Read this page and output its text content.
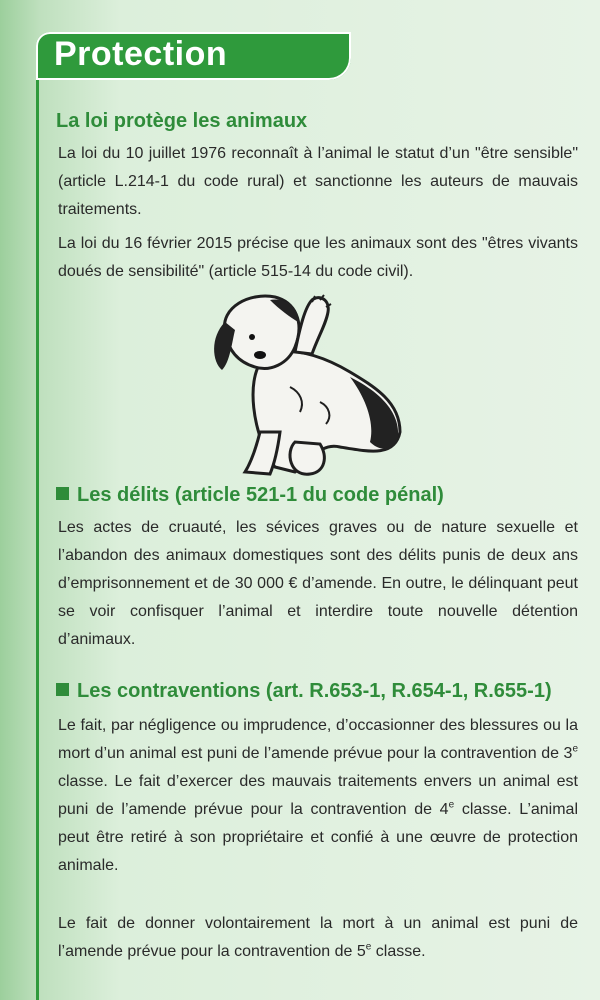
Protection
La loi protège les animaux

La loi du 10 juillet 1976 reconnaît à l’animal le statut d’un "être sensible" (article L.214-1 du code rural) et sanctionne les auteurs de mauvais traitements.

La loi du 16 février 2015 précise que les animaux sont des "êtres vivants doués de sensibilité" (article 515-14 du code civil).

Les délits (article 521-1 du code pénal)

Les actes de cruauté, les sévices graves ou de nature sexuelle et l’abandon des animaux domestiques sont des délits punis de deux ans d’emprisonnement et de 30 000 € d’amende. En outre, le délinquant peut se voir confisquer l’animal et interdire toute nouvelle détention d’animaux.

Les contraventions (art. R.653-1, R.654-1, R.655-1)

Le fait, par négligence ou imprudence, d’occasionner des blessures ou la mort d’un animal est puni de l’amende prévue pour la contravention de 3e classe. Le fait d’exercer des mauvais traitements envers un animal est puni de l’amende prévue pour la contravention de 4e classe. L’animal peut être retiré à son propriétaire et confié à une œuvre de protection animale.

Le fait de donner volontairement la mort à un animal est puni de l’amende prévue pour la contravention de 5e classe.
